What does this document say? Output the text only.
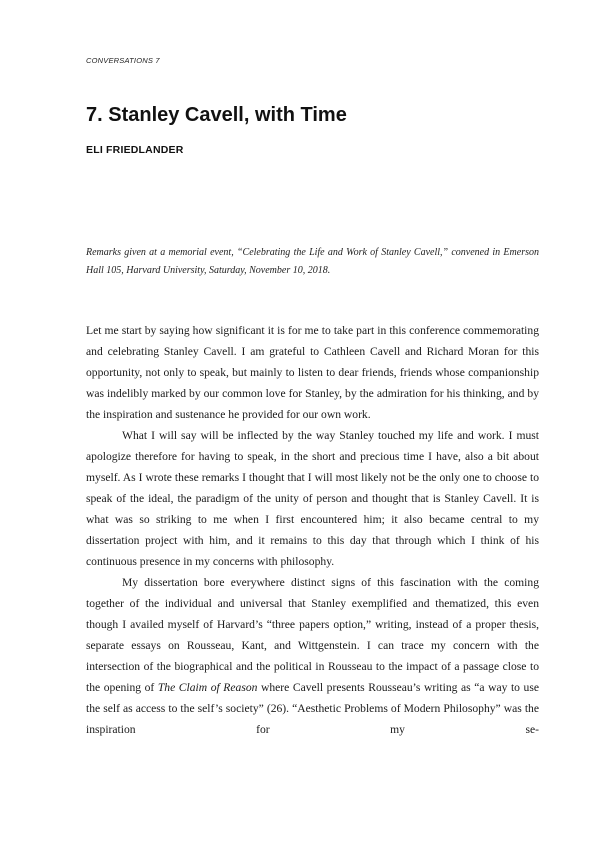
CONVERSATIONS 7
7. Stanley Cavell, with Time
ELI FRIEDLANDER

Remarks given at a memorial event, “Celebrating the Life and Work of Stanley Cavell,” convened in Emerson Hall 105, Harvard University, Saturday, November 10, 2018.

Let me start by saying how significant it is for me to take part in this conference commemorating and celebrating Stanley Cavell. I am grateful to Cathleen Cavell and Richard Moran for this opportunity, not only to speak, but mainly to listen to dear friends, friends whose companionship was indelibly marked by our common love for Stanley, by the admiration for his thinking, and by the inspiration and sustenance he provided for our own work.

What I will say will be inflected by the way Stanley touched my life and work. I must apologize therefore for having to speak, in the short and precious time I have, also a bit about myself. As I wrote these remarks I thought that I will most likely not be the only one to choose to speak of the ideal, the paradigm of the unity of person and thought that is Stanley Cavell. It is what was so striking to me when I first encountered him; it also became central to my dissertation project with him, and it remains to this day that through which I think of his continuous presence in my concerns with philosophy.

My dissertation bore everywhere distinct signs of this fascination with the coming together of the individual and universal that Stanley exemplified and thematized, this even though I availed myself of Harvard’s “three papers option,” writing, instead of a proper thesis, separate essays on Rousseau, Kant, and Wittgenstein. I can trace my concern with the intersection of the biographical and the political in Rousseau to the impact of a passage close to the opening of The Claim of Reason where Cavell presents Rousseau’s writing as “a way to use the self as access to the self’s society” (26). “Aesthetic Problems of Modern Philosophy” was the inspiration for my se-
